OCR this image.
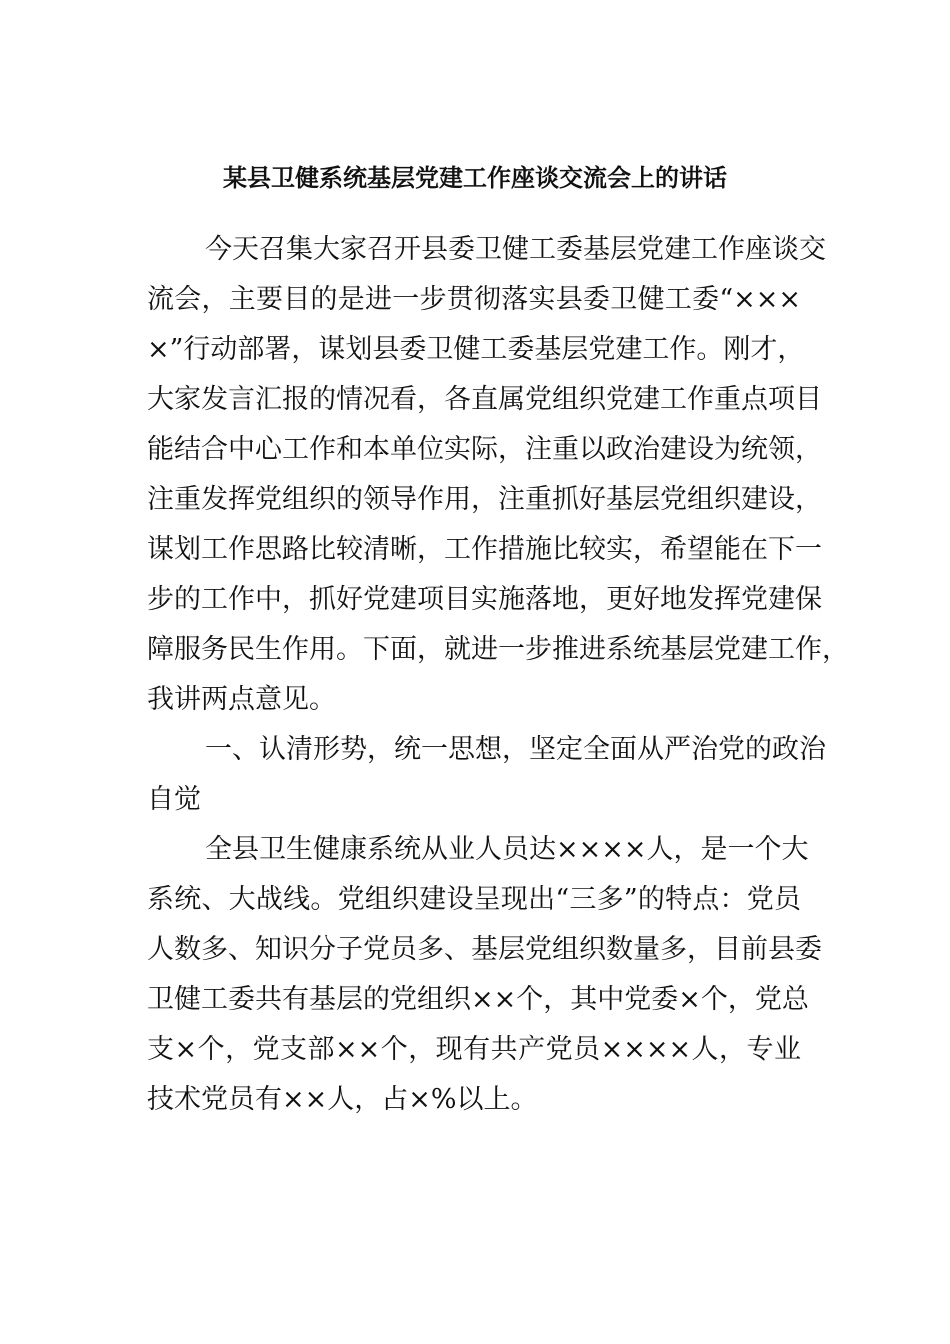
某县卫健系统基层党建工作座谈交流会上的讲话
今天召集大家召开县委卫健工委基层党建工作座谈交
流会，主要目的是进一步贯彻落实县委卫健工委“×××
×”行动部署，谋划县委卫健工委基层党建工作。刚才，
大家发言汇报的情况看，各直属党组织党建工作重点项目
能结合中心工作和本单位实际，注重以政治建设为统领，
注重发挥党组织的领导作用，注重抓好基层党组织建设，
谋划工作思路比较清晰，工作措施比较实，希望能在下一
步的工作中，抓好党建项目实施落地，更好地发挥党建保
障服务民生作用。下面，就进一步推进系统基层党建工作，
我讲两点意见。
一、认清形势，统一思想，坚定全面从严治党的政治
自觉
全县卫生健康系统从业人员达××××人，是一个大
系统、大战线。党组织建设呈现出“三多”的特点：党员
人数多、知识分子党员多、基层党组织数量多，目前县委
卫健工委共有基层的党组织××个，其中党委×个，党总
支×个，党支部××个，现有共产党员××××人，专业
技术党员有××人，占×%以上。
